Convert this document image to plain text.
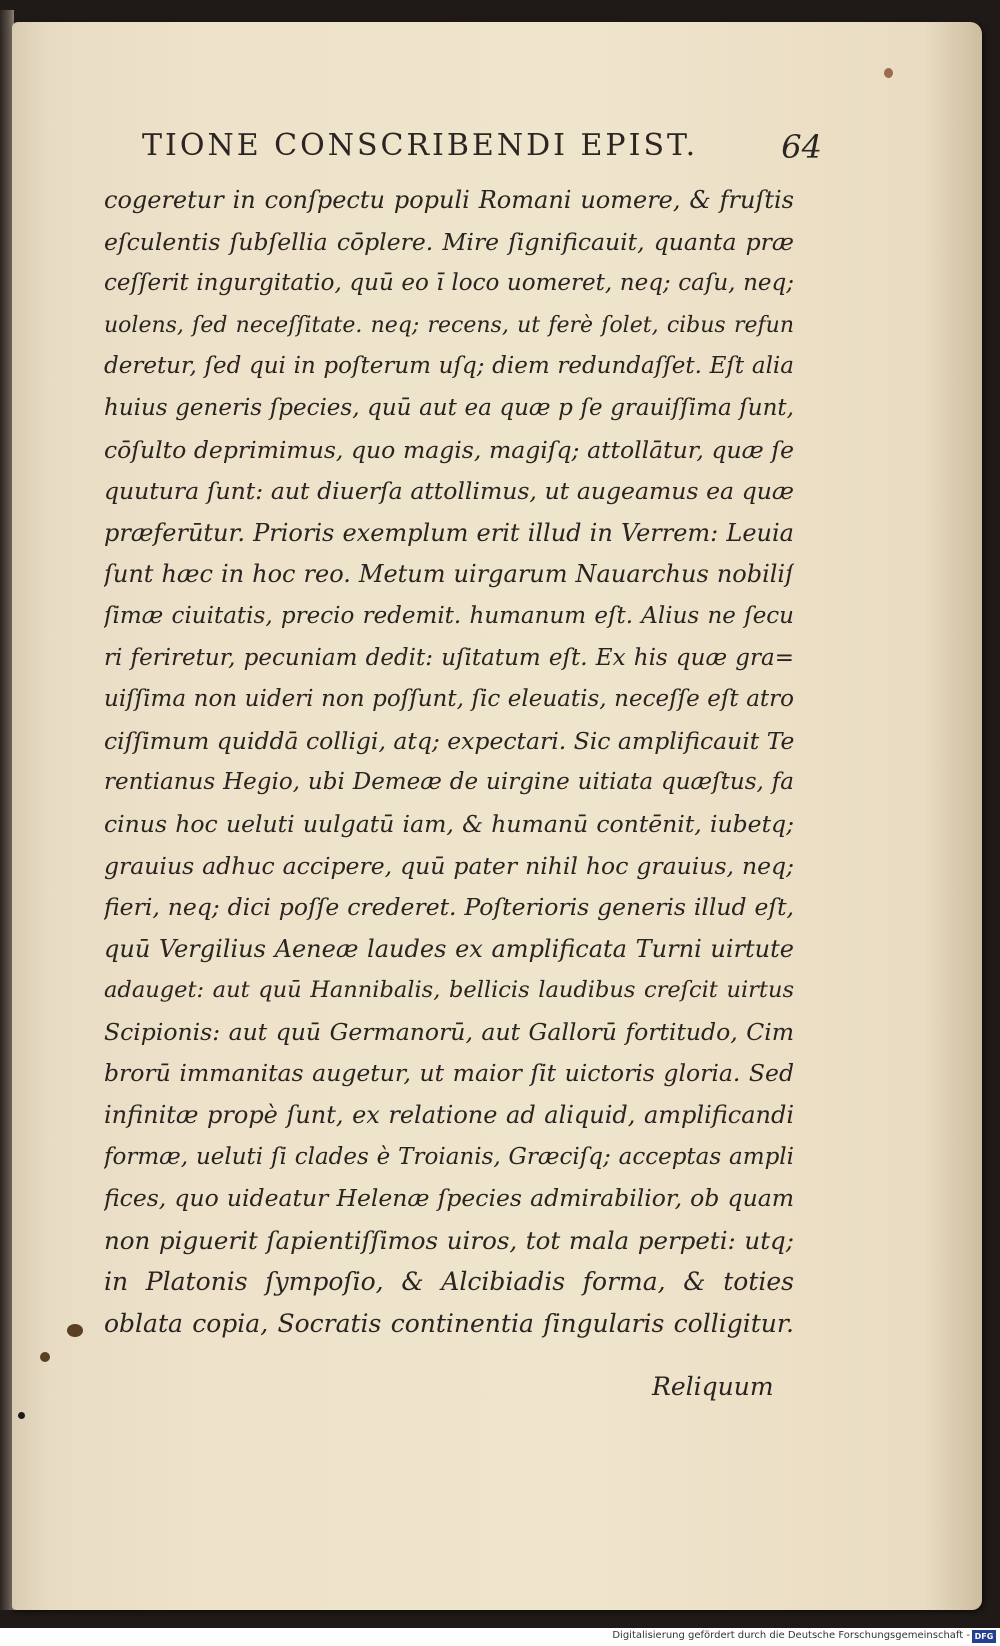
TIONE CONSCRIBENDI EPIST.	64
cogeretur in conſpectu populi Romani uomere, & fruſtis
eſculentis ſubſellia cōplere. Mire ſignificauit, quanta præ
ceſſerit ingurgitatio, quū eo ī loco uomeret, neq; caſu, neq;
uolens, ſed neceſſitate. neq; recens, ut ferè ſolet, cibus refun
deretur, ſed qui in poſterum uſq; diem redundaſſet. Eſt alia
huius generis ſpecies, quū aut ea quæ p ſe grauiſſima ſunt,
cōſulto deprimimus, quo magis, magiſq; attollātur, quæ ſe
quutura ſunt: aut diuerſa attollimus, ut augeamus ea quæ
præferūtur. Prioris exemplum erit illud in Verrem: Leuia
ſunt hæc in hoc reo. Metum uirgarum Nauarchus nobiliſ
ſimæ ciuitatis, precio redemit. humanum eſt. Alius ne ſecu
ri feriretur, pecuniam dedit: uſitatum eſt. Ex his quæ gra=
uiſſima non uideri non poſſunt, ſic eleuatis, neceſſe eſt atro
ciſſimum quiddā colligi, atq; expectari. Sic amplificauit Te
rentianus Hegio, ubi Demeæ de uirgine uitiata quæſtus, fa
cinus hoc ueluti uulgatū iam, & humanū contēnit, iubetq;
grauius adhuc accipere, quū pater nihil hoc grauius, neq;
fieri, neq; dici poſſe crederet. Poſterioris generis illud eſt,
quū Vergilius Aeneæ laudes ex amplificata Turni uirtute
adauget: aut quū Hannibalis, bellicis laudibus creſcit uirtus
Scipionis: aut quū Germanorū, aut Gallorū fortitudo, Cim
brorū immanitas augetur, ut maior ſit uictoris gloria. Sed
infinitæ propè ſunt, ex relatione ad aliquid, amplificandi
formæ, ueluti ſi clades è Troianis, Græciſq; acceptas ampli
fices, quo uideatur Helenæ ſpecies admirabilior, ob quam
non piguerit ſapientiſſimos uiros, tot mala perpeti: utq;
in Platonis ſympoſio, & Alcibiadis forma, & toties
oblata copia, Socratis continentia ſingularis colligitur.
Reliquum
Digitalisierung gefördert durch die Deutsche Forschungsgemeinschaft - DFG
